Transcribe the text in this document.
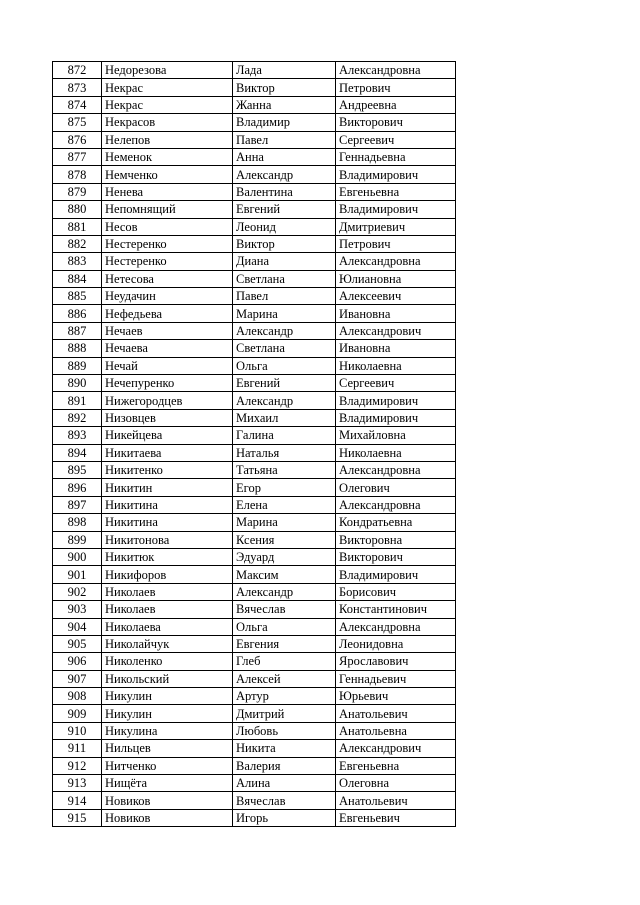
872	Недорезова	Лада	Александровна
873	Некрас	Виктор	Петрович
874	Некрас	Жанна	Андреевна
875	Некрасов	Владимир	Викторович
876	Нелепов	Павел	Сергеевич
877	Неменок	Анна	Геннадьевна
878	Немченко	Александр	Владимирович
879	Ненева	Валентина	Евгеньевна
880	Непомнящий	Евгений	Владимирович
881	Несов	Леонид	Дмитриевич
882	Нестеренко	Виктор	Петрович
883	Нестеренко	Диана	Александровна
884	Нетесова	Светлана	Юлиановна
885	Неудачин	Павел	Алексеевич
886	Нефедьева	Марина	Ивановна
887	Нечаев	Александр	Александрович
888	Нечаева	Светлана	Ивановна
889	Нечай	Ольга	Николаевна
890	Нечепуренко	Евгений	Сергеевич
891	Нижегородцев	Александр	Владимирович
892	Низовцев	Михаил	Владимирович
893	Никейцева	Галина	Михайловна
894	Никитаева	Наталья	Николаевна
895	Никитенко	Татьяна	Александровна
896	Никитин	Егор	Олегович
897	Никитина	Елена	Александровна
898	Никитина	Марина	Кондратьевна
899	Никитонова	Ксения	Викторовна
900	Никитюк	Эдуард	Викторович
901	Никифоров	Максим	Владимирович
902	Николаев	Александр	Борисович
903	Николаев	Вячеслав	Константинович
904	Николаева	Ольга	Александровна
905	Николайчук	Евгения	Леонидовна
906	Николенко	Глеб	Ярославович
907	Никольский	Алексей	Геннадьевич
908	Никулин	Артур	Юрьевич
909	Никулин	Дмитрий	Анатольевич
910	Никулина	Любовь	Анатольевна
911	Нильцев	Никита	Александрович
912	Нитченко	Валерия	Евгеньевна
913	Нищёта	Алина	Олеговна
914	Новиков	Вячеслав	Анатольевич
915	Новиков	Игорь	Евгеньевич
